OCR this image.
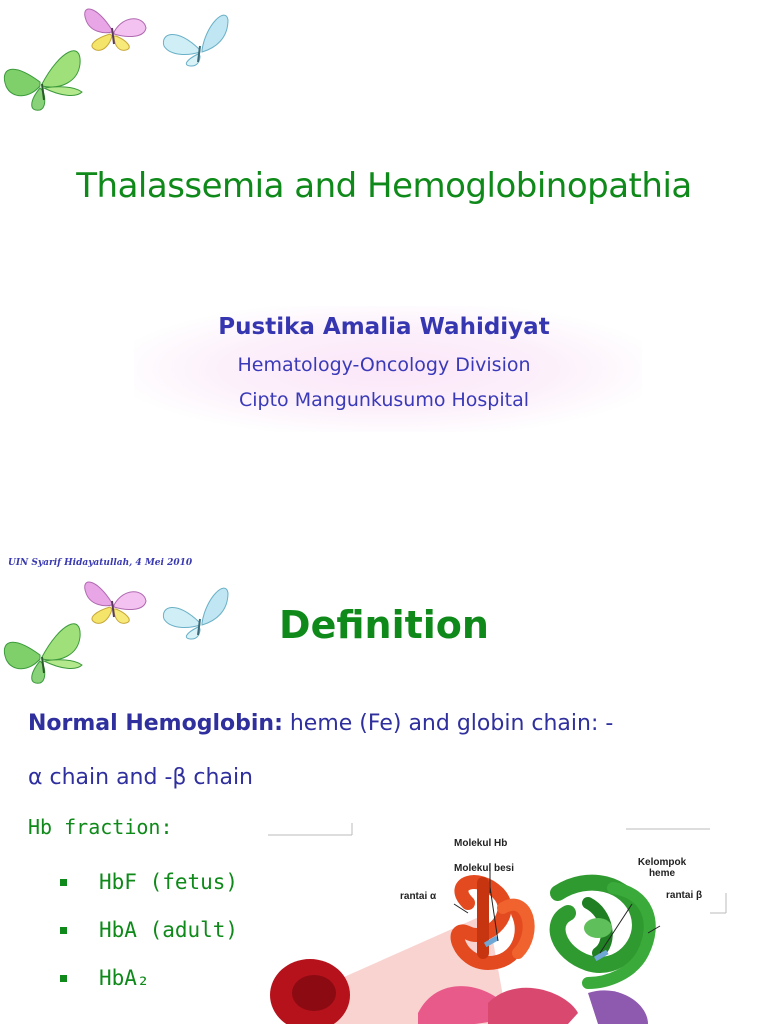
Thalassemia and Hemoglobinopathia
Pustika Amalia Wahidiyat
Hematology-Oncology Division
Cipto Mangunkusumo Hospital
UIN Syarif Hidayatullah, 4 Mei 2010
Definition
Normal Hemoglobin: heme (Fe) and globin chain: -
α chain and -β chain
Hb fraction:
HbF (fetus)
HbA (adult)
HbA₂
Molekul Hb
Molekul besi
Kelompok heme
rantai α	rantai β
